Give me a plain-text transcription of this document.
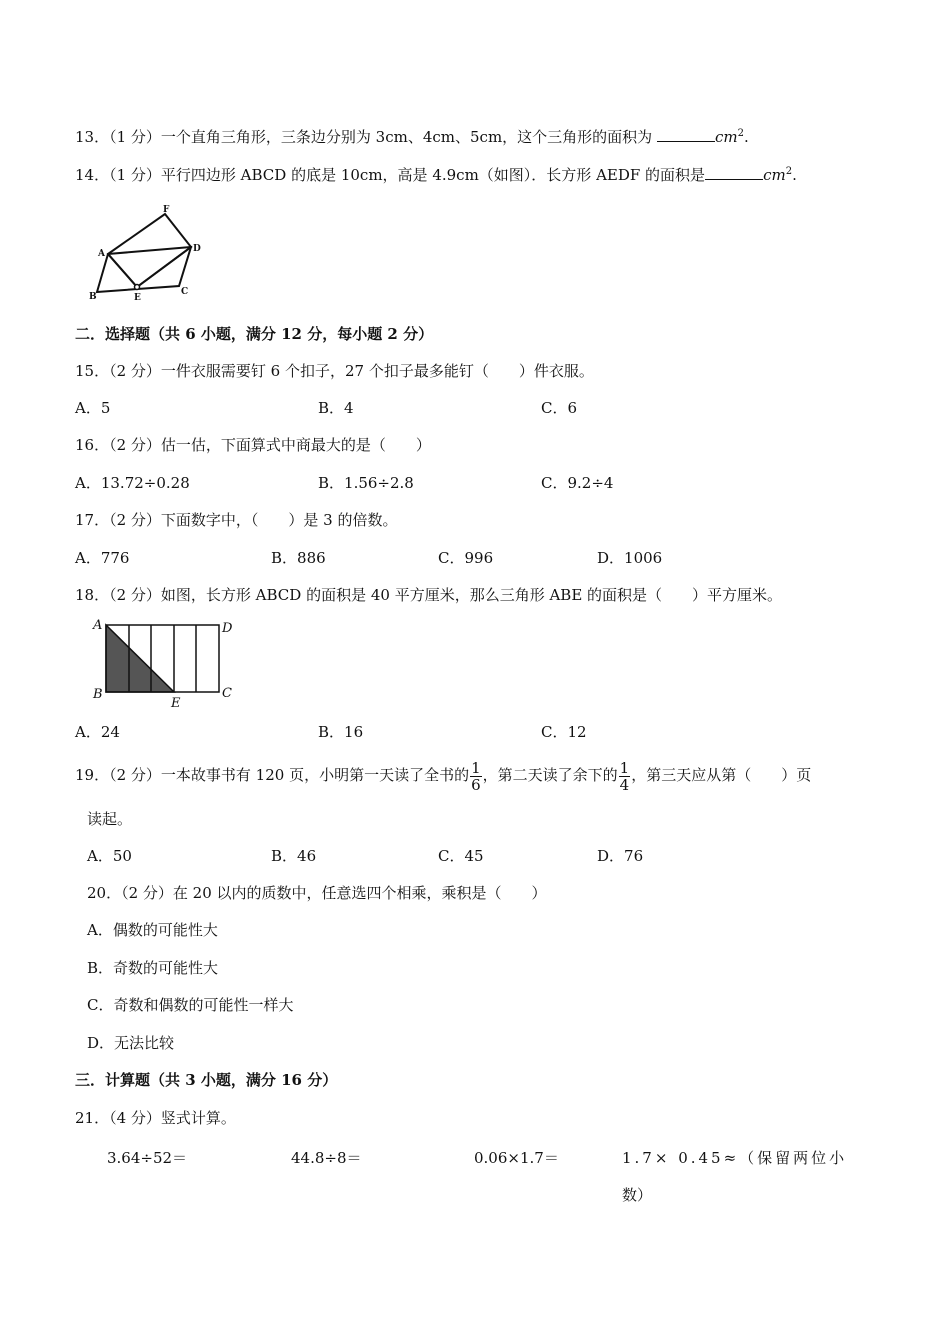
13．（1 分）一个直角三角形，三条边分别为 3cm、4cm、5cm，这个三角形的面积为	$cm^2$.
14．（1 分）平行四边形 ABCD 的底是 10cm，高是 4.9cm（如图）．长方形 AEDF 的面积是	$cm^2$.
F
A	D
B	E
C
二．选择题（共 6 小题，满分 12 分，每小题 2 分）
15．（2 分）一件衣服需要钉 6 个扣子，27 个扣子最多能钉（　　）件衣服。
A．5	B．4	C．6
16．（2 分）估一估，下面算式中商最大的是（　　）
A．13.72÷0.28	B．1.56÷2.8	C．9.2÷4
17．（2 分）下面数字中，（　　）是 3 的倍数。
A．776	B．886	C．996	D．1006
18．（2 分）如图，长方形 ABCD 的面积是 40 平方厘米，那么三角形 ABE 的面积是（　　）平方厘米。
A	D
B
E
C
A．24	B．16	C．12
19．（2 分）一本故事书有 120 页，小明第一天读了全书的 $\frac{1}{6}$ ，第二天读了余下的 $\frac{1}{4}$ ，第三天应从第（　　）页
读起。
A．50	B．46	C．45	D．76
20．（2 分）在 20 以内的质数中，任意选四个相乘，乘积是（　　）
A．偶数的可能性大
B．奇数的可能性大
C．奇数和偶数的可能性一样大
D．无法比较
三．计算题（共 3 小题，满分 16 分）
21．（4 分）竖式计算。
3.64÷52＝	44.8÷8＝	0.06×1.7＝	1.7× 0.45≈（保留两位小
数）
